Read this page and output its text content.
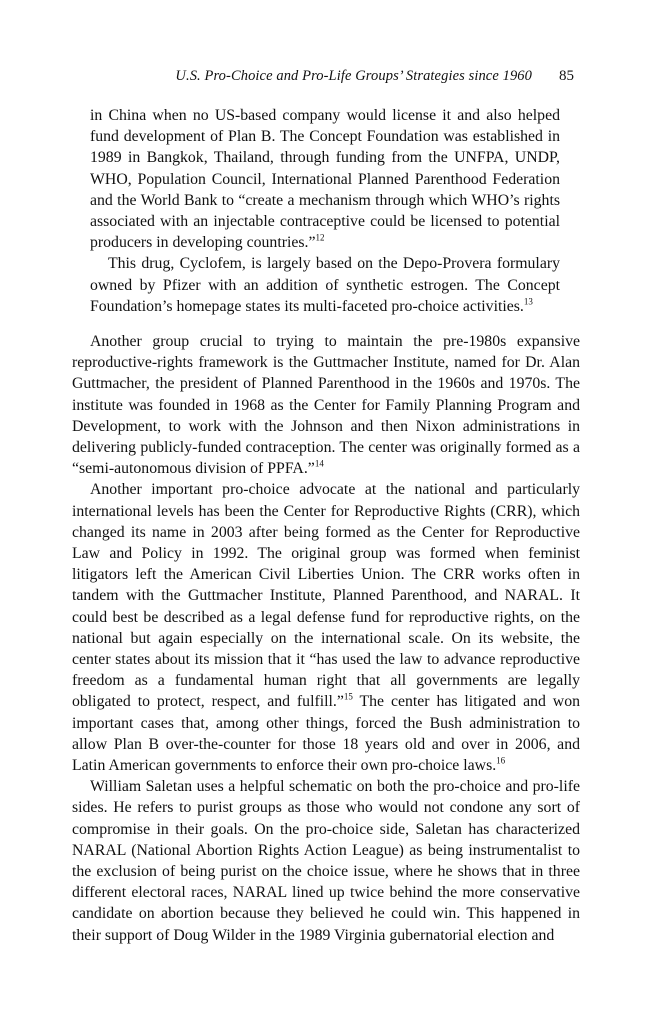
U.S. Pro-Choice and Pro-Life Groups’ Strategies since 1960 85

in China when no US-based company would license it and also helped fund development of Plan B. The Concept Foundation was established in 1989 in Bangkok, Thailand, through funding from the UNFPA, UNDP, WHO, Population Council, International Planned Parenthood Federation and the World Bank to “create a mechanism through which WHO’s rights associated with an injectable contraceptive could be licensed to potential producers in developing countries.”$^{12}$

This drug, Cyclofem, is largely based on the Depo-Provera formulary owned by Pfizer with an addition of synthetic estrogen. The Concept Foundation’s homepage states its multi-faceted pro-choice activities.$^{13}$

Another group crucial to trying to maintain the pre-1980s expansive reproductive-rights framework is the Guttmacher Institute, named for Dr. Alan Guttmacher, the president of Planned Parenthood in the 1960s and 1970s. The institute was founded in 1968 as the Center for Family Planning Program and Development, to work with the Johnson and then Nixon administrations in delivering publicly-funded contraception. The center was originally formed as a “semi-autonomous division of PPFA.”$^{14}$

Another important pro-choice advocate at the national and particularly international levels has been the Center for Reproductive Rights (CRR), which changed its name in 2003 after being formed as the Center for Reproductive Law and Policy in 1992. The original group was formed when feminist litigators left the American Civil Liberties Union. The CRR works often in tandem with the Guttmacher Institute, Planned Parenthood, and NARAL. It could best be described as a legal defense fund for reproductive rights, on the national but again especially on the international scale. On its website, the center states about its mission that it “has used the law to advance reproductive freedom as a fundamental human right that all governments are legally obligated to protect, respect, and fulfill.”$^{15}$ The center has litigated and won important cases that, among other things, forced the Bush administration to allow Plan B over-the-counter for those 18 years old and over in 2006, and Latin American governments to enforce their own pro-choice laws.$^{16}$

William Saletan uses a helpful schematic on both the pro-choice and pro-life sides. He refers to purist groups as those who would not condone any sort of compromise in their goals. On the pro-choice side, Saletan has characterized NARAL (National Abortion Rights Action League) as being instrumentalist to the exclusion of being purist on the choice issue, where he shows that in three different electoral races, NARAL lined up twice behind the more conservative candidate on abortion because they believed he could win. This happened in their support of Doug Wilder in the 1989 Virginia gubernatorial election and
